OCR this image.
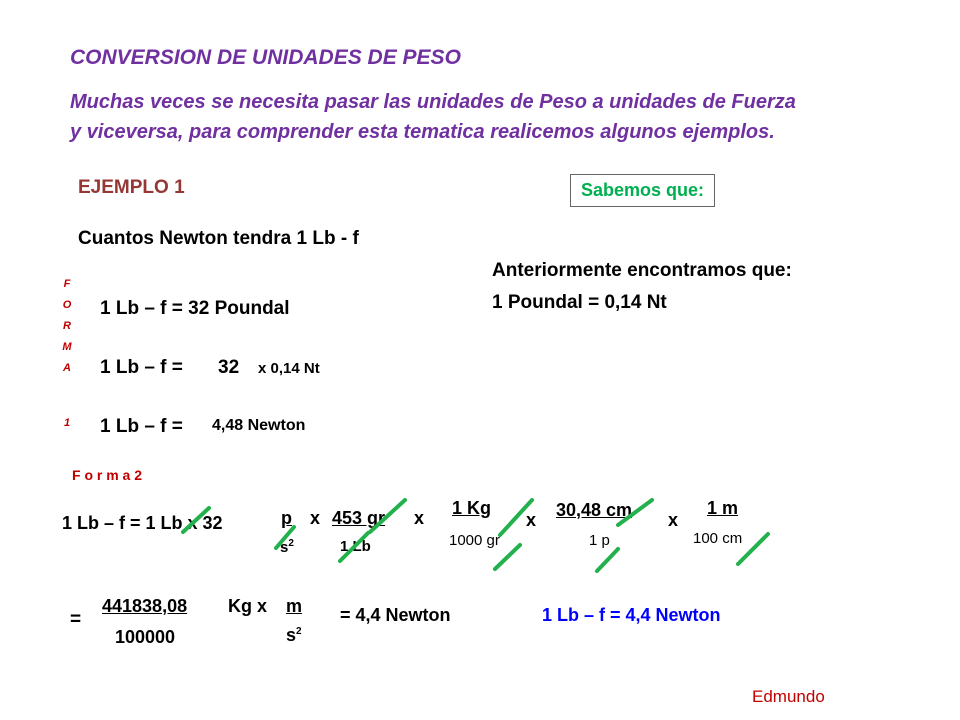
CONVERSION DE UNIDADES DE PESO
Muchas veces se necesita pasar las unidades de Peso a unidades de Fuerza
y viceversa, para comprender esta tematica realicemos algunos ejemplos.
EJEMPLO 1	Sabemos que:
Cuantos Newton tendra 1 Lb - f
Anteriormente encontramos que:
1 Poundal = 0,14 Nt
F
O
R
M
A
1
1 Lb – f = 32 Poundal
1 Lb – f = 32 x 0,14 Nt
1 Lb – f = 4,48 Newton
F o r m a 2
1 Lb – f = 1 Lb x 32	p
$s^2$
x 453 gr
1 Lb
x 1 Kg
1000 gr
x 30,48 cm
1 p
x
1 m
100 cm
=
441838,08
100000
Kg x m
$s^2$
= 4,4 Newton	1 Lb – f = 4,4 Newton
Edmundo
